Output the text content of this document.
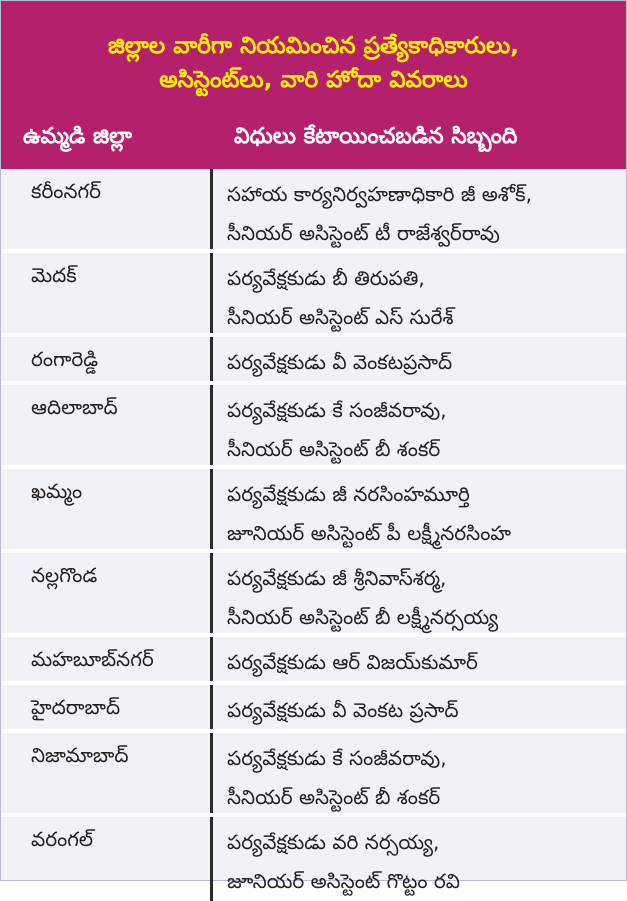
జిల్లాల వారీగా నియమించిన ప్రత్యేకాధికారులు,
అసిస్టెంట్‌లు, వారి హోదా వివరాలు
ఉమ్మడి జిల్లా	విధులు కేటాయించబడిన సిబ్బంది
కరీంనగర్	సహాయ కార్యనిర్వహణాధికారి జీ అశోక్,
సీనియర్ అసిస్టెంట్ టీ రాజేశ్వర్‌రావు
మెదక్	పర్యవేక్షకుడు బీ తిరుపతి,
సీనియర్ అసిస్టెంట్ ఎస్ సురేశ్
రంగారెడ్డి	పర్యవేక్షకుడు వీ వెంకటప్రసాద్
ఆదిలాబాద్	పర్యవేక్షకుడు కే సంజీవరావు,
సీనియర్ అసిస్టెంట్ బీ శంకర్
ఖమ్మం	పర్యవేక్షకుడు జీ నరసింహమూర్తి
జూనియర్ అసిస్టెంట్ పీ లక్ష్మీనరసింహ
నల్లగొండ	పర్యవేక్షకుడు జీ శ్రీనివాస్‌శర్మ,
సీనియర్ అసిస్టెంట్ బీ లక్ష్మీనర్సయ్య
మహబూబ్‌నగర్	పర్యవేక్షకుడు ఆర్ విజయ్‌కుమార్
హైదరాబాద్	పర్యవేక్షకుడు వీ వెంకట ప్రసాద్
నిజామాబాద్	పర్యవేక్షకుడు కే సంజీవరావు,
సీనియర్ అసిస్టెంట్ బీ శంకర్
వరంగల్	పర్యవేక్షకుడు వరి నర్సయ్య,
జూనియర్ అసిస్టెంట్ గొట్టం రవి
